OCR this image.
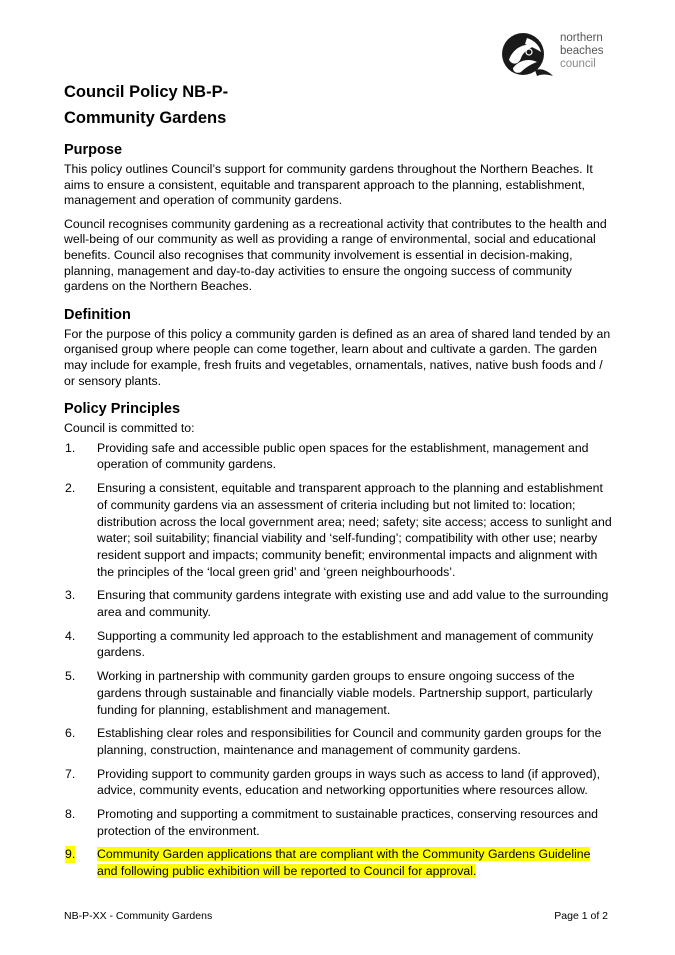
northern
beaches
council
Council Policy NB-P-
Community Gardens
Purpose

This policy outlines Council’s support for community gardens throughout the Northern Beaches. It aims to ensure a consistent, equitable and transparent approach to the planning, establishment, management and operation of community gardens.

Council recognises community gardening as a recreational activity that contributes to the health and well-being of our community as well as providing a range of environmental, social and educational benefits. Council also recognises that community involvement is essential in decision-making, planning, management and day-to-day activities to ensure the ongoing success of community gardens on the Northern Beaches.

Definition

For the purpose of this policy a community garden is defined as an area of shared land tended by an organised group where people can come together, learn about and cultivate a garden. The garden may include for example, fresh fruits and vegetables, ornamentals, natives, native bush foods and / or sensory plants.

Policy Principles

Council is committed to:

1. Providing safe and accessible public open spaces for the establishment, management and operation of community gardens.
2. Ensuring a consistent, equitable and transparent approach to the planning and establishment of community gardens via an assessment of criteria including but not limited to: location; distribution across the local government area; need; safety; site access; access to sunlight and water; soil suitability; financial viability and ‘self-funding’; compatibility with other use; nearby resident support and impacts; community benefit; environmental impacts and alignment with the principles of the ‘local green grid’ and ‘green neighbourhoods’.
3. Ensuring that community gardens integrate with existing use and add value to the surrounding area and community.
4. Supporting a community led approach to the establishment and management of community gardens.
5. Working in partnership with community garden groups to ensure ongoing success of the gardens through sustainable and financially viable models. Partnership support, particularly funding for planning, establishment and management.
6. Establishing clear roles and responsibilities for Council and community garden groups for the planning, construction, maintenance and management of community gardens.
7. Providing support to community garden groups in ways such as access to land (if approved), advice, community events, education and networking opportunities where resources allow.
8. Promoting and supporting a commitment to sustainable practices, conserving resources and protection of the environment.
9. Community Garden applications that are compliant with the Community Gardens Guideline and following public exhibition will be reported to Council for approval.
NB-P-XX - Community Gardens	Page 1 of 2
